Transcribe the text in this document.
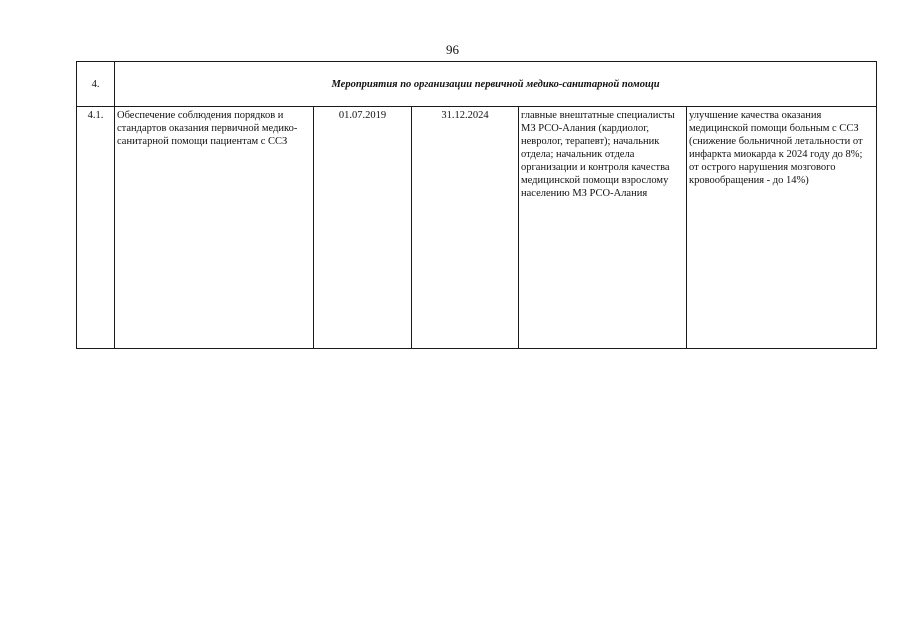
96
4.	Мероприятия по организации первичной медико-санитарной помощи				
4.1.	Обеспечение соблюдения порядков и стандартов оказания первичной медико-санитарной помощи пациентам с ССЗ	01.07.2019	31.12.2024	главные внештатные специалисты МЗ РСО-Алания (кардиолог, невролог, терапевт); начальник отдела; начальник отдела организации и контроля качества медицинской помощи взрослому населению МЗ РСО-Алания	улучшение качества оказания медицинской помощи больным с ССЗ (снижение больничной летальности от инфаркта миокарда к 2024 году до 8%; от острого нарушения мозгового кровообращения - до 14%)
